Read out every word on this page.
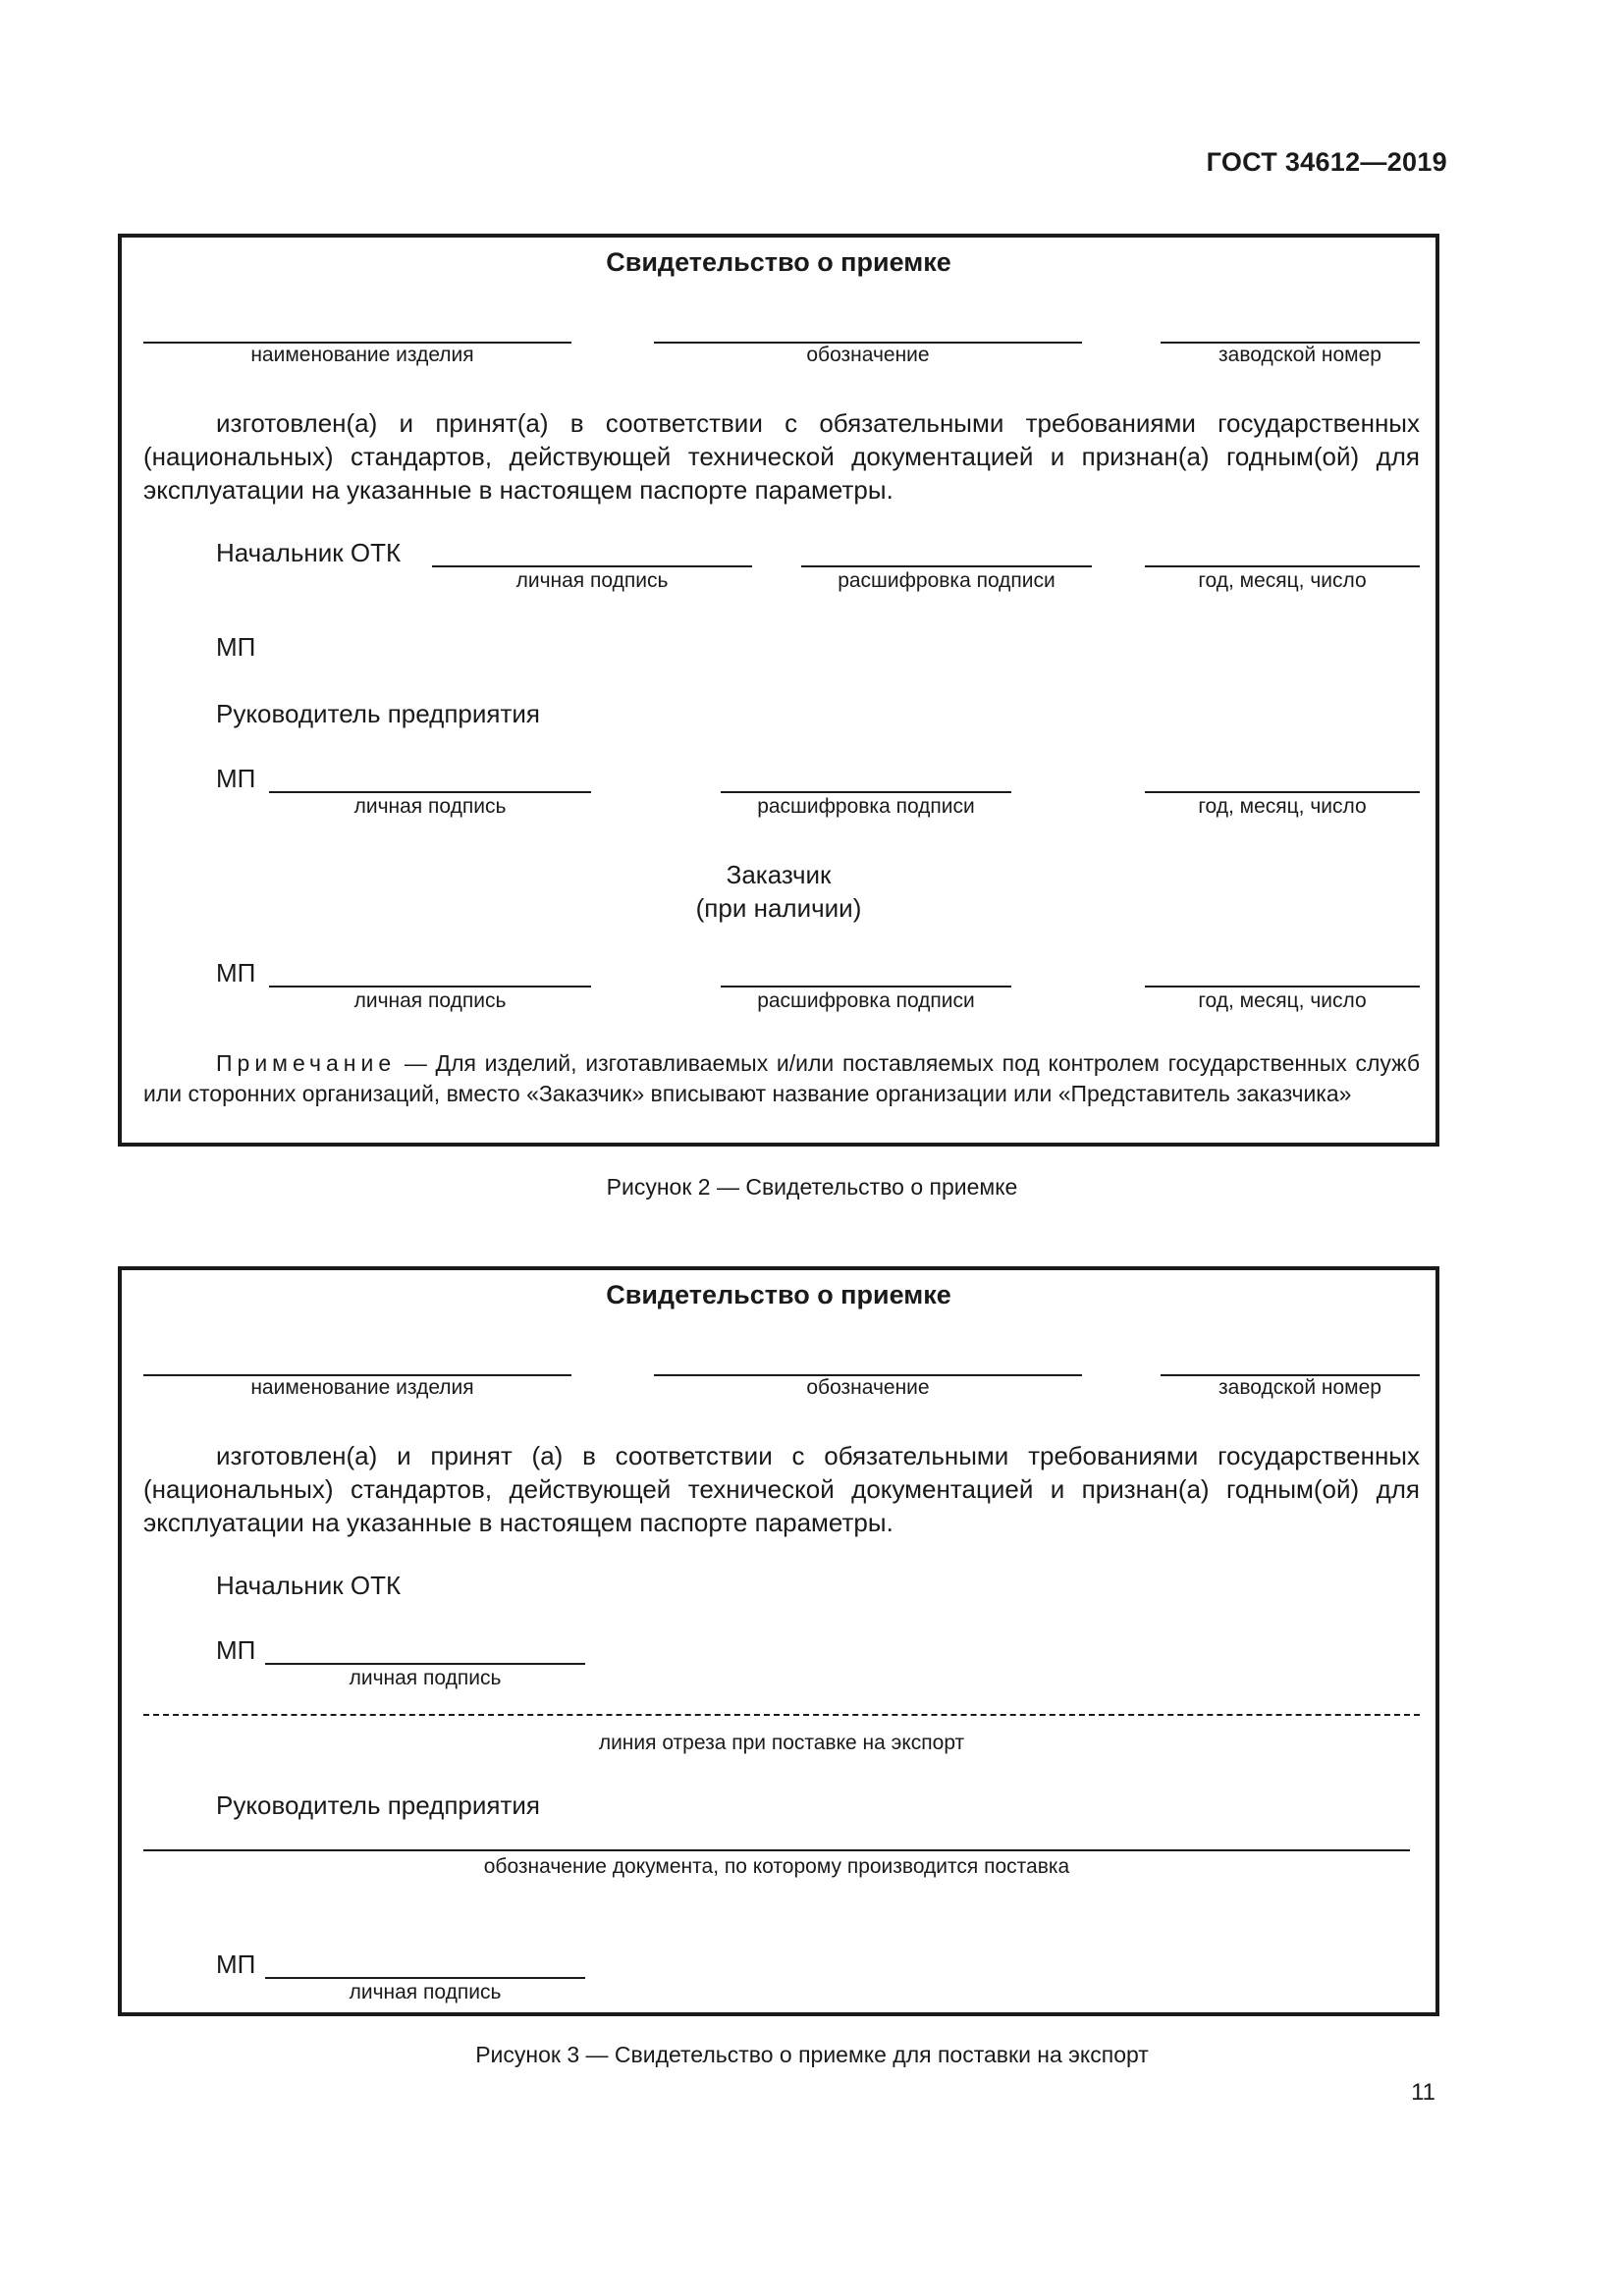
ГОСТ 34612—2019
Свидетельство о приемке
наименование изделия	обозначение	заводской номер
изготовлен(а) и принят(а) в соответствии с обязательными требованиями государственных (национальных) стандартов, действующей технической документацией и признан(а) годным(ой) для эксплуатации на указанные в настоящем паспорте параметры.
Начальник ОТК
личная подпись	расшифровка подписи	год, месяц, число
МП
Руководитель предприятия
МП
личная подпись	расшифровка подписи	год, месяц, число
Заказчик
(при наличии)
МП
личная подпись	расшифровка подписи	год, месяц, число
Примечание — Для изделий, изготавливаемых и/или поставляемых под контролем государственных служб или сторонних организаций, вместо «Заказчик» вписывают название организации или «Представитель заказчика»
Рисунок 2 — Свидетельство о приемке
Свидетельство о приемке
наименование изделия	обозначение	заводской номер
изготовлен(а) и принят (а) в соответствии с обязательными требованиями государственных (национальных) стандартов, действующей технической документацией и признан(а) годным(ой) для эксплуатации на указанные в настоящем паспорте параметры.
Начальник ОТК
МП
личная подпись
линия отреза при поставке на экспорт
Руководитель предприятия
обозначение документа, по которому производится поставка
МП
личная подпись
Рисунок 3 — Свидетельство о приемке для поставки на экспорт
11
